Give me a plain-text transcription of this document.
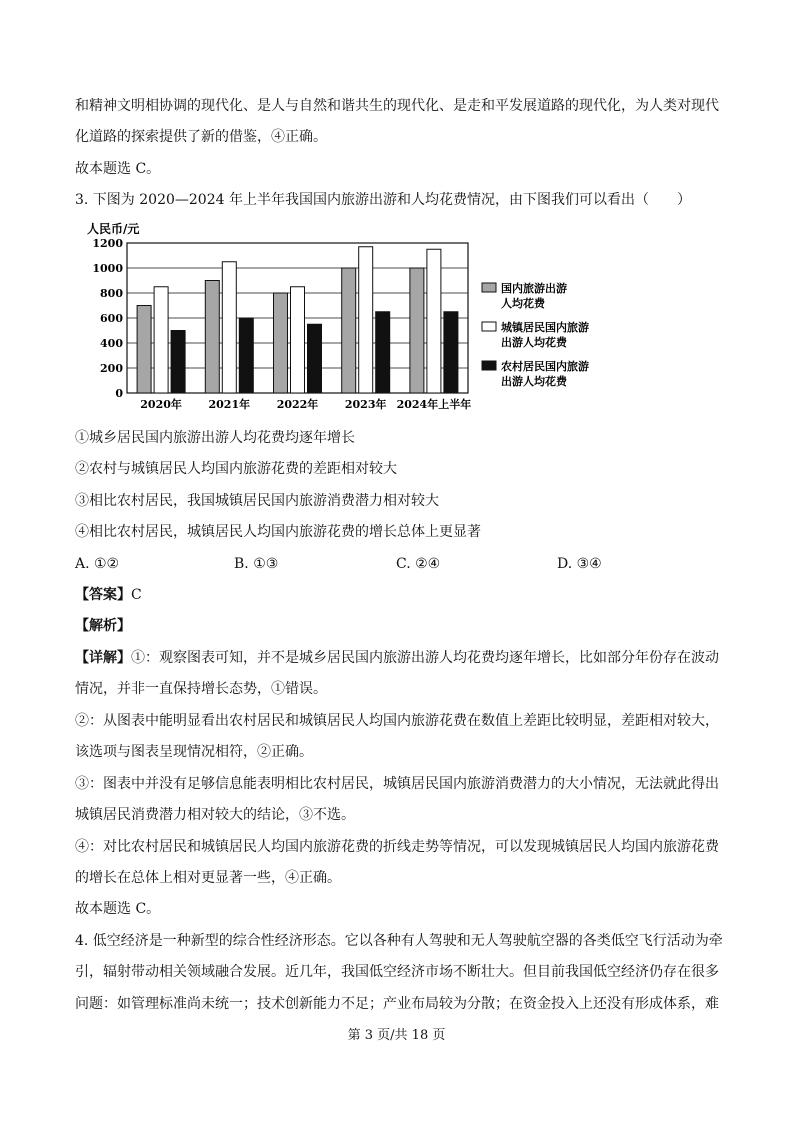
和精神文明相协调的现代化、是人与自然和谐共生的现代化、是走和平发展道路的现代化，为人类对现代
化道路的探索提供了新的借鉴，④正确。
故本题选 C。
3. 下图为 2020—2024 年上半年我国国内旅游出游和人均花费情况，由下图我们可以看出（　　）
人民币/元
0
200
400
600
800
1000
1200
2020年 2021年 2022年 2023年 2024年上半年
国内旅游出游
人均花费
城镇居民国内旅游
出游人均花费
农村居民国内旅游
出游人均花费
①城乡居民国内旅游出游人均花费均逐年增长
②农村与城镇居民人均国内旅游花费的差距相对较大
③相比农村居民，我国城镇居民国内旅游消费潜力相对较大
④相比农村居民，城镇居民人均国内旅游花费的增长总体上更显著
A. ①②	B. ①③	C. ②④	D. ③④
【答案】C
【解析】
【详解】①：观察图表可知，并不是城乡居民国内旅游出游人均花费均逐年增长，比如部分年份存在波动
情况，并非一直保持增长态势，①错误。
②：从图表中能明显看出农村居民和城镇居民人均国内旅游花费在数值上差距比较明显，差距相对较大，
该选项与图表呈现情况相符，②正确。
③：图表中并没有足够信息能表明相比农村居民，城镇居民国内旅游消费潜力的大小情况，无法就此得出
城镇居民消费潜力相对较大的结论，③不选。
④：对比农村居民和城镇居民人均国内旅游花费的折线走势等情况，可以发现城镇居民人均国内旅游花费
的增长在总体上相对更显著一些，④正确。
故本题选 C。
4. 低空经济是一种新型的综合性经济形态。它以各种有人驾驶和无人驾驶航空器的各类低空飞行活动为牵
引，辐射带动相关领域融合发展。近几年，我国低空经济市场不断壮大。但目前我国低空经济仍存在很多
问题：如管理标准尚未统一；技术创新能力不足；产业布局较为分散；在资金投入上还没有形成体系，难
第 3 页/共 18 页
